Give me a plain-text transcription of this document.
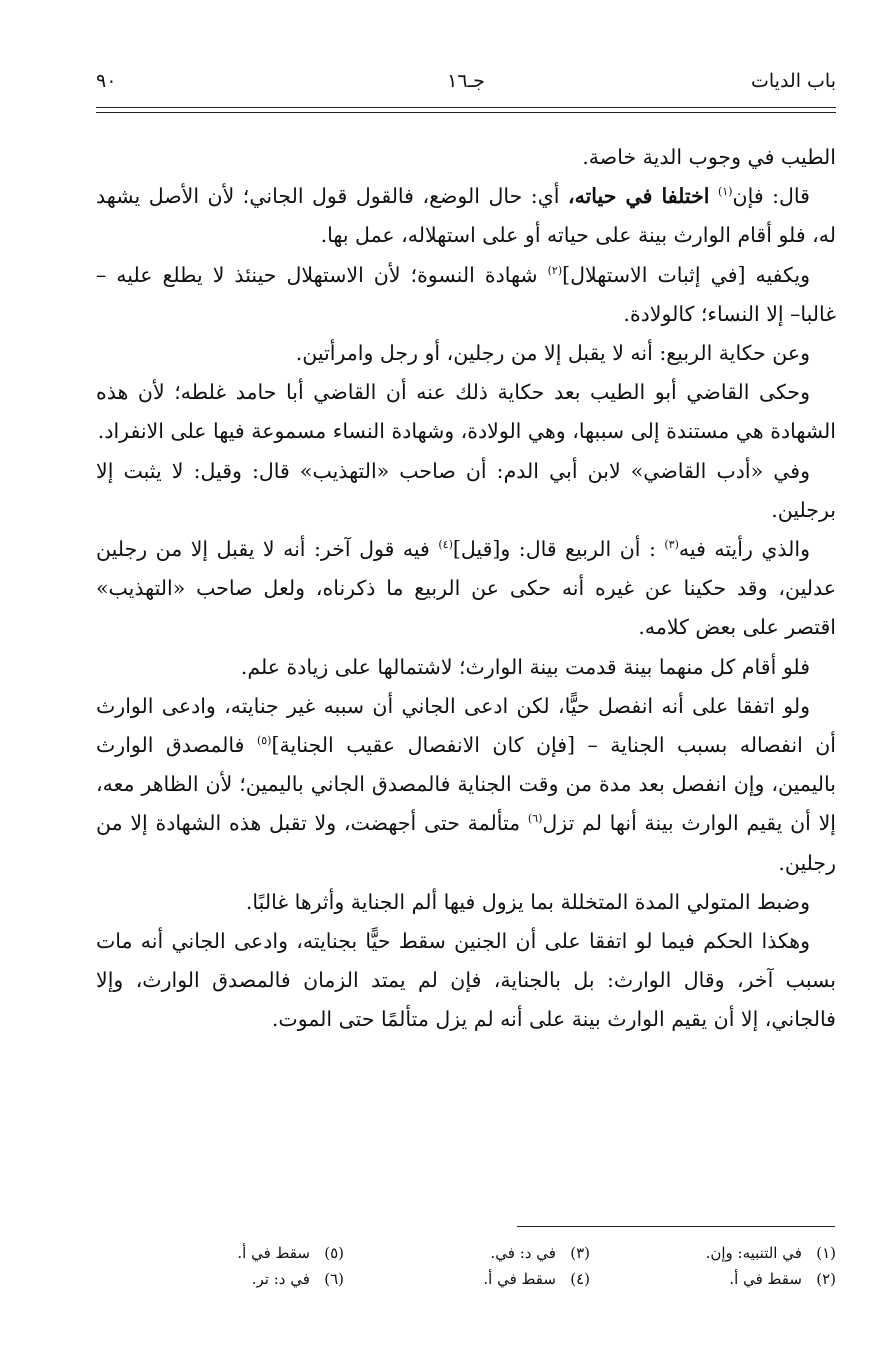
باب الديات
جـ١٦
٩٠

الطيب في وجوب الدية خاصة.

قال: فإن$^{(١)}$ اختلفا في حياته، أي: حال الوضع، فالقول قول الجاني؛ لأن الأصل يشهد له، فلو أقام الوارث بينة على حياته أو على استهلاله، عمل بها.

ويكفيه [في إثبات الاستهلال]$^{(٢)}$ شهادة النسوة؛ لأن الاستهلال حينئذ لا يطلع عليه – غالبا– إلا النساء؛ كالولادة.

وعن حكاية الربيع: أنه لا يقبل إلا من رجلين، أو رجل وامرأتين.

وحكى القاضي أبو الطيب بعد حكاية ذلك عنه أن القاضي أبا حامد غلطه؛ لأن هذه الشهادة هي مستندة إلى سببها، وهي الولادة، وشهادة النساء مسموعة فيها على الانفراد.

وفي «أدب القاضي» لابن أبي الدم: أن صاحب «التهذيب» قال: وقيل: لا يثبت إلا برجلين.

والذي رأيته فيه$^{(٣)}$ : أن الربيع قال: و[قيل]$^{(٤)}$ فيه قول آخر: أنه لا يقبل إلا من رجلين عدلين، وقد حكينا عن غيره أنه حكى عن الربيع ما ذكرناه، ولعل صاحب «التهذيب» اقتصر على بعض كلامه.

فلو أقام كل منهما بينة قدمت بينة الوارث؛ لاشتمالها على زيادة علم.

ولو اتفقا على أنه انفصل حيًّا، لكن ادعى الجاني أن سببه غير جنايته، وادعى الوارث أن انفصاله بسبب الجناية – [فإن كان الانفصال عقيب الجناية]$^{(٥)}$ فالمصدق الوارث باليمين، وإن انفصل بعد مدة من وقت الجناية فالمصدق الجاني باليمين؛ لأن الظاهر معه، إلا أن يقيم الوارث بينة أنها لم تزل$^{(٦)}$ متألمة حتى أجهضت، ولا تقبل هذه الشهادة إلا من رجلين.

وضبط المتولي المدة المتخللة بما يزول فيها ألم الجناية وأثرها غالبًا.

وهكذا الحكم فيما لو اتفقا على أن الجنين سقط حيًّا بجنايته، وادعى الجاني أنه مات بسبب آخر، وقال الوارث: بل بالجناية، فإن لم يمتد الزمان فالمصدق الوارث، وإلا فالجاني، إلا أن يقيم الوارث بينة على أنه لم يزل متألمًا حتى الموت.

(١)   في التنبيه: وإن.
(٣)   في د: في.
(٥)   سقط في أ.
(٢)   سقط في أ.
(٤)   سقط في أ.
(٦)   في د: تر.
